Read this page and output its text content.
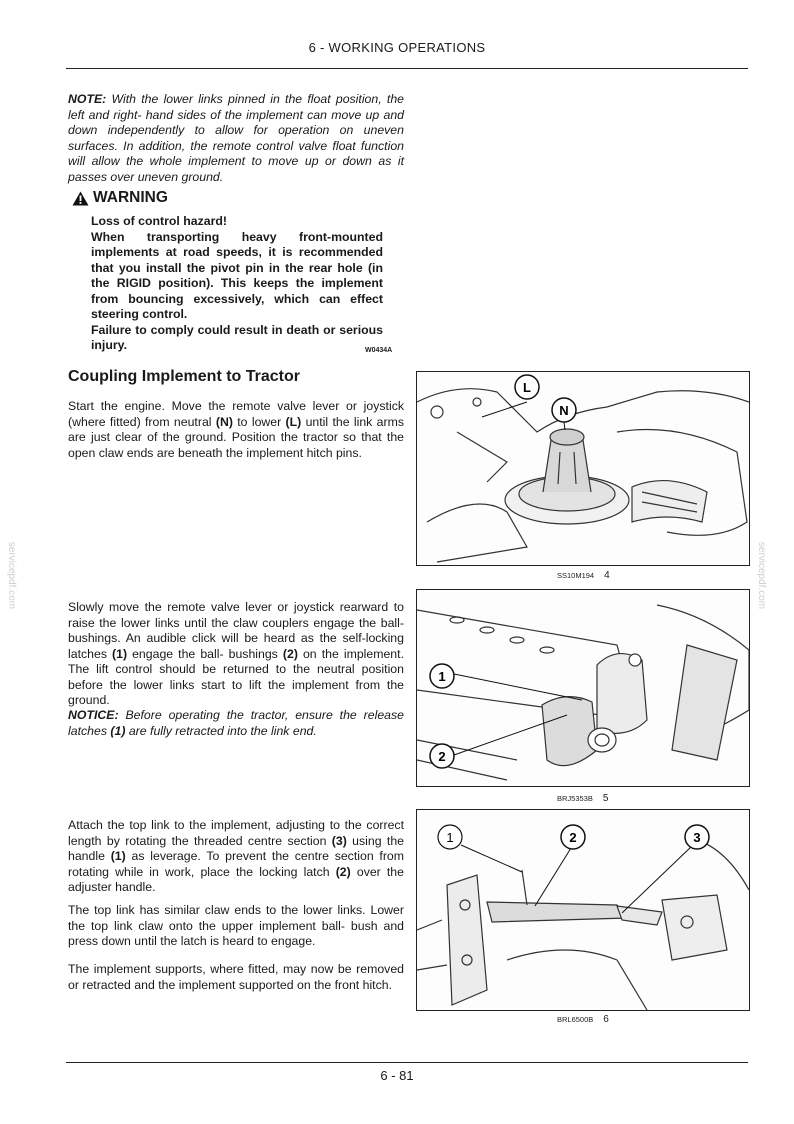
6 - WORKING OPERATIONS
servicepdf.com	servicepdf.com
NOTE: With the lower links pinned in the float position, the left and right- hand sides of the implement can move up and down independently to allow for operation on uneven surfaces. In addition, the remote control valve float function will allow the whole implement to move up or down as it passes over uneven ground.
WARNING
Loss of control hazard!
When transporting heavy front-mounted implements at road speeds, it is recommended that you install the pivot pin in the rear hole (in the RIGID position). This keeps the implement from bouncing excessively, which can effect steering control.
Failure to comply could result in death or serious injury.	W0434A
Coupling Implement to Tractor
Start the engine. Move the remote valve lever or joystick (where fitted) from neutral (N) to lower (L) until the link arms are just clear of the ground. Position the tractor so that the open claw ends are beneath the implement hitch pins.
Slowly move the remote valve lever or joystick rearward to raise the lower links until the claw couplers engage the ball- bushings. An audible click will be heard as the self-locking latches (1) engage the ball- bushings (2) on the implement. The lift control should be returned to the neutral position before the lower links start to lift the implement from the ground.
NOTICE: Before operating the tractor, ensure the release latches (1) are fully retracted into the link end.
Attach the top link to the implement, adjusting to the correct length by rotating the threaded centre section (3) using the handle (1) as leverage. To prevent the centre section from rotating while in work, place the locking latch (2) over the adjuster handle.
The top link has similar claw ends to the lower links. Lower the top link claw onto the upper implement ball- bush and press down until the latch is heard to engage.
The implement supports, where fitted, may now be removed or retracted and the implement supported on the front hitch.
L
N
SS10M194 4
1
2
BRJ5353B 5
1	2	3
BRL6500B 6
6 - 81
